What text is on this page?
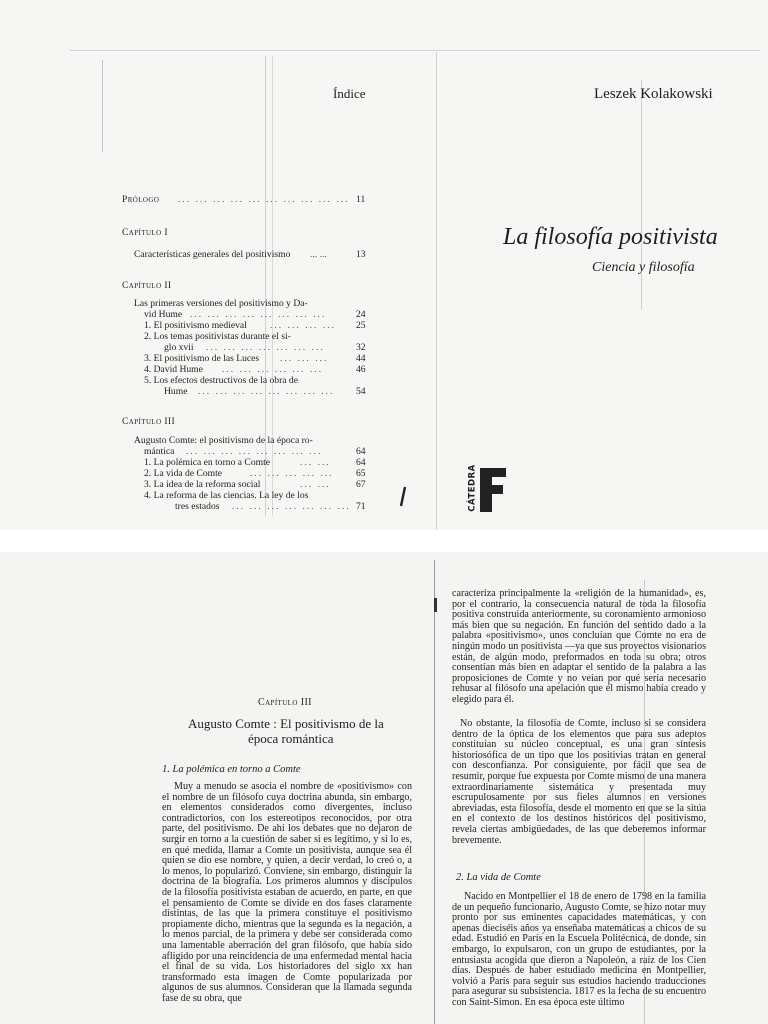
Índice
Prólogo ... ... ... ... ... ... ... ... ... ... 11
Capítulo I
Características generales del positivismo ... ...	13
Capítulo II
Las primeras versiones del positivismo y Da-
vid Hume ... ... ... ... ... ... ... ...	24
1. El positivismo medieval ... ... ... ... 25
2. Los temas positivistas durante el si-
glo xvii ... ... ... ... ... ... ...	32
3. El positivismo de las Luces ... ... ...	44
4. David Hume ... ... ... ... ... ...	46
5. Los efectos destructivos de la obra de
Hume ... ... ... ... ... ... ... ... 54
Capítulo III
Augusto Comte: el positivismo de la época ro-
mántica ... ... ... ... ... ... ... ...	64
1. La polémica en torno a Comte	... ...	64
2. La vida de Comte	... ... ... ... ... 65
3. La idea de la reforma social	... ...	67
4. La reforma de las ciencias. La ley de los
tres estados ... ... ... ... ... ... ... 71
Leszek Kolakowski
La filosofía positivista
Ciencia y filosofía
CÁTEDRA
Capítulo III
Augusto Comte : El positivismo de la
época romántica
1. La polémica en torno a Comte
Muy a menudo se asocia el nombre de «positivismo» con el nombre de un filósofo cuya doctrina abunda, sin embargo, en elementos considerados como divergentes, incluso contradictorios, con los estereotipos reconocidos, por otra parte, del positivismo. De ahí los debates que no dejaron de surgir en torno a la cuestión de saber si es legítimo, y si lo es, en qué medida, llamar a Comte un positivista, aunque sea él quien se dio ese nombre, y quien, a decir verdad, lo creó o, a lo menos, lo popularizó. Conviene, sin embargo, distinguir la doctrina de la biografía. Los primeros alumnos y discípulos de la filosofía positivista estaban de acuerdo, en parte, en que el pensamiento de Comte se divide en dos fases claramente distintas, de las que la primera constituye el positivismo propiamente dicho, mientras que la segunda es la negación, a lo menos parcial, de la primera y debe ser considerada como una lamentable aberración del gran filósofo, que había sido afligido por una reincidencia de una enfermedad mental hacia el final de su vida. Los historiadores del siglo xx han transformado esta imagen de Comte popularizada por algunos de sus alumnos. Consideran que la llamada segunda fase de su obra, que
caracteriza principalmente la «religión de la humanidad», es, por el contrario, la consecuencia natural de toda la filosofía positiva construida anteriormente, su coronamiento armonioso más bien que su negación. En función del sentido dado a la palabra «positivismo», unos concluían que Comte no era de ningún modo un positivista —ya que sus proyectos visionarios están, de algún modo, preformados en toda su obra; otros consentían más bien en adaptar el sentido de la palabra a las proposiciones de Comte y no veían por qué sería necesario rehusar al filósofo una apelación que él mismo había creado y elegido para él.
No obstante, la filosofía de Comte, incluso si se considera dentro de la óptica de los elementos que para sus adeptos constituían su núcleo conceptual, es una gran síntesis historiosófica de un tipo que los positivias tratan en general con desconfianza. Por consiguiente, por fácil que sea de resumir, porque fue expuesta por Comte mismo de una manera extraordinariamente sistemática y presentada muy escrupulosamente por sus fieles alumnos en versiones abreviadas, esta filosofía, desde el momento en que se la sitúa en el contexto de los destinos históricos del positivismo, revela ciertas ambigüedades, de las que deberemos informar brevemente.
2. La vida de Comte
Nacido en Montpellier el 18 de enero de 1798 en la familia de un pequeño funcionario, Augusto Comte, se hizo notar muy pronto por sus eminentes capacidades matemáticas, y con apenas dieciséis años ya enseñaba matemáticas a chicos de su edad. Estudió en París en la Escuela Politécnica, de donde, sin embargo, lo expulsaron, con un grupo de estudiantes, por la entusiasta acogida que dieron a Napoleón, a raíz de los Cien días. Después de haber estudiado medicina en Montpellier, volvió a París para seguir sus estudios haciendo traducciones para asegurar su subsistencia. 1817 es la fecha de su encuentro con Saint-Simon. En esa época este último
